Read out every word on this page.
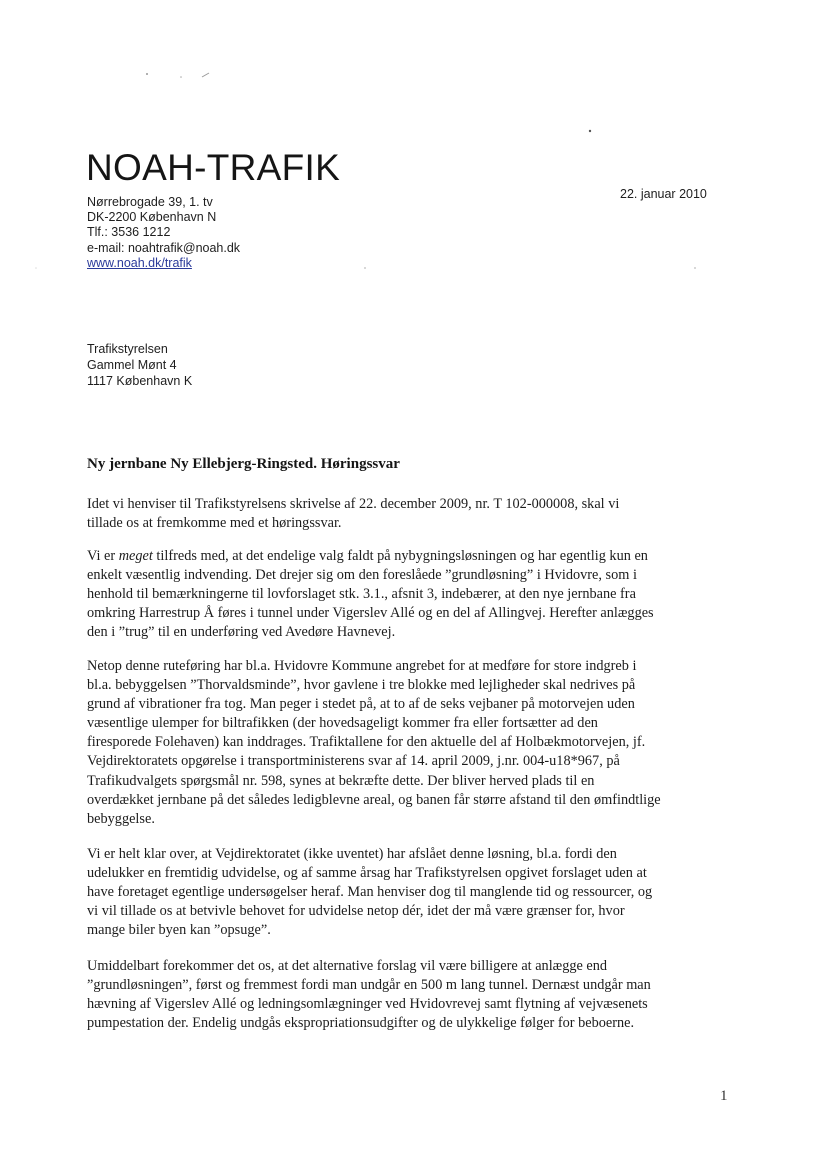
NOAH-TRAFIK
Nørrebrogade 39, 1. tv
DK-2200 København N
Tlf.: 3536 1212
e-mail: noahtrafik@noah.dk
www.noah.dk/trafik
22. januar 2010
Trafikstyrelsen
Gammel Mønt 4
1117 København K
Ny jernbane Ny Ellebjerg-Ringsted. Høringssvar
Idet vi henviser til Trafikstyrelsens skrivelse af 22. december 2009, nr. T 102-000008, skal vi
tillade os at fremkomme med et høringssvar.
Vi er meget tilfreds med, at det endelige valg faldt på nybygningsløsningen og har egentlig kun en
enkelt væsentlig indvending. Det drejer sig om den foreslåede ”grundløsning” i Hvidovre, som i
henhold til bemærkningerne til lovforslaget stk. 3.1., afsnit 3, indebærer, at den nye jernbane fra
omkring Harrestrup Å føres i tunnel under Vigerslev Allé og en del af Allingvej. Herefter anlægges
den i ”trug” til en underføring ved Avedøre Havnevej.
Netop denne ruteføring har bl.a. Hvidovre Kommune angrebet for at medføre for store indgreb i
bl.a. bebyggelsen ”Thorvaldsminde”, hvor gavlene i tre blokke med lejligheder skal nedrives på
grund af vibrationer fra tog. Man peger i stedet på, at to af de seks vejbaner på motorvejen uden
væsentlige ulemper for biltrafikken (der hovedsageligt kommer fra eller fortsætter ad den
firesporede Folehaven) kan inddrages. Trafiktallene for den aktuelle del af Holbækmotorvejen, jf.
Vejdirektoratets opgørelse i transportministerens svar af 14. april 2009, j.nr. 004-u18*967, på
Trafikudvalgets spørgsmål nr. 598, synes at bekræfte dette. Der bliver herved plads til en
overdækket jernbane på det således ledigblevne areal, og banen får større afstand til den ømfindtlige
bebyggelse.
Vi er helt klar over, at Vejdirektoratet (ikke uventet) har afslået denne løsning, bl.a. fordi den
udelukker en fremtidig udvidelse, og af samme årsag har Trafikstyrelsen opgivet forslaget uden at
have foretaget egentlige undersøgelser heraf. Man henviser dog til manglende tid og ressourcer, og
vi vil tillade os at betvivle behovet for udvidelse netop dér, idet der må være grænser for, hvor
mange biler byen kan ”opsuge”.
Umiddelbart forekommer det os, at det alternative forslag vil være billigere at anlægge end
”grundløsningen”, først og fremmest fordi man undgår en 500 m lang tunnel. Dernæst undgår man
hævning af Vigerslev Allé og ledningsomlægninger ved Hvidovrevej samt flytning af vejvæsenets
pumpestation der. Endelig undgås ekspropriationsudgifter og de ulykkelige følger for beboerne.
1
